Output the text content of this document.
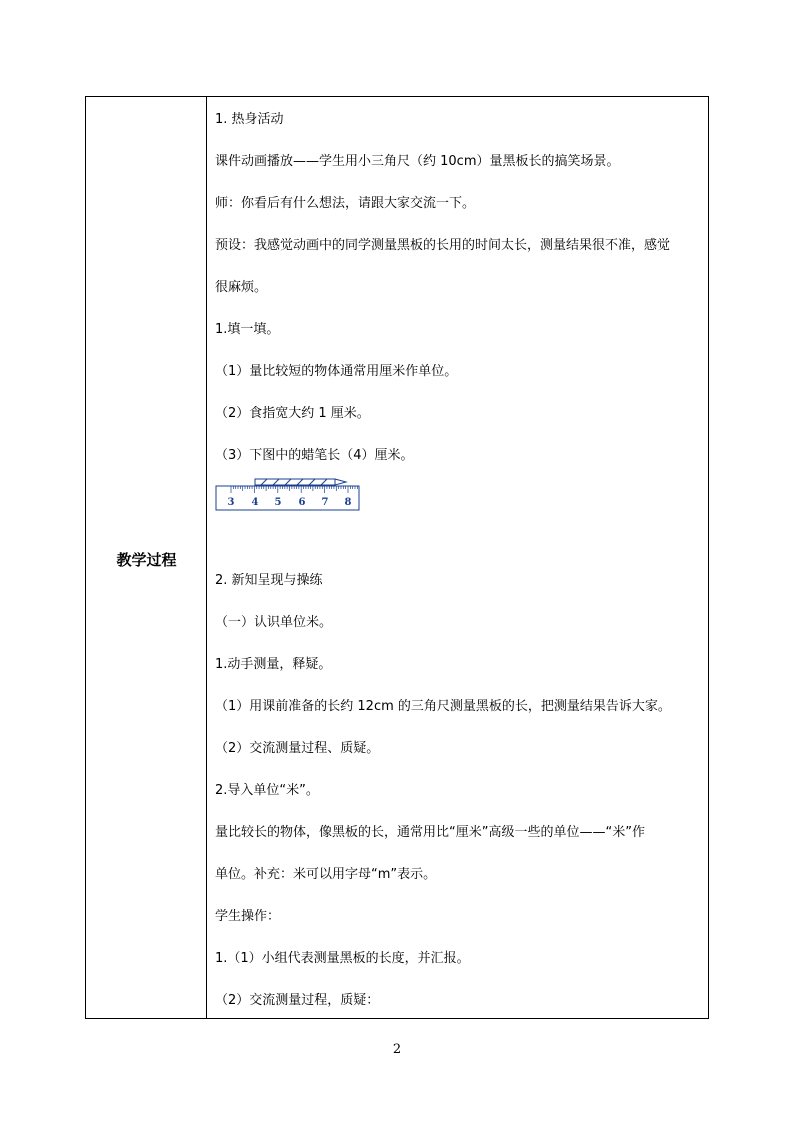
教学过程
1. 热身活动
课件动画播放——学生用小三角尺（约 10cm）量黑板长的搞笑场景。
师：你看后有什么想法，请跟大家交流一下。
预设：我感觉动画中的同学测量黑板的长用的时间太长，测量结果很不准，感觉
很麻烦。
1.填一填。
（1）量比较短的物体通常用厘米作单位。
（2）食指宽大约 1 厘米。
（3）下图中的蜡笔长（4）厘米。
3 4 5 6 7 8
2. 新知呈现与操练
（一）认识单位米。
1.动手测量，释疑。
（1）用课前准备的长约 12cm 的三角尺测量黑板的长，把测量结果告诉大家。
（2）交流测量过程、质疑。
2.导入单位“米”。
量比较长的物体，像黑板的长，通常用比“厘米”高级一些的单位——“米”作
单位。补充：米可以用字母“m”表示。
学生操作：
1.（1）小组代表测量黑板的长度，并汇报。
（2）交流测量过程，质疑：
2
